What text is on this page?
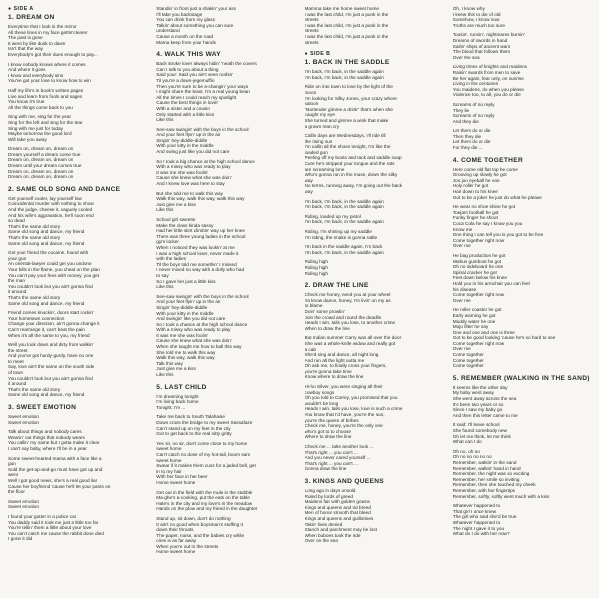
● SIDE A
1. DREAM ON
Everytime that I look in the mirror
All these lines in my face gettin'clearer
The past is gone
It went by like dusk to dawn
Isn't that the way
Everybody's got their dues enough to pay...
I know nobody knows where it comes
And where it goes
I know and everybody sins
You've got your lose to know how to win
Half my life's in book's written pages
Live and learn from fools and sages
You know it's true
All the things come back to you
Sing with me, sing for the year
Sing for the left and sing for the tear
Sing with me just for today
Maybe tomorrow the good lord
Will take you away
Dream on, dream on, dream on
Dream yourself a dream come true
Dream on, dream on, dream on
Dream until your dream comes true
Dream on, dream on, dream on
Dream on, dream on, dream on
2. SAME OLD SONG AND DANCE
Get yourself cooler, lay yourself low
Coincidental murder with nothing to show
And the judge, cheese it, vaguely cooled
And his wife's aggravation, he'll soon end
so dead
That's the same old story
Same old song and dance, my friend
That's the same old story
Same old song and dance, my friend
Got your friend the cocaine, found with
your gun
An oriental-lawyer could get you undone
Your bills in the flame, you cheat on the plan
You can't pay your fees with money, you get
the man
You couldn't look but you ain't gonna find
it around
That's the same old story
Same old song and dance, my friend
Friend comes knockin', doors start rockin'
Your hometown connection
Change your direction, ain't gonna change it
Can't rearrange it, can't beat the pain
When it's all the same to you, my friend
Well you look down and dirty from walkin'
the street
And you've got hurdy-gurdy, have no one
to meet
Say, love ain't the same on the south side
of town
You couldn't look but you ain't gonna find
it around
That's the same old story
Same old song and dance, my friend
3. SWEET EMOTION
Sweet emotion
Sweet emotion
Talk about things and nobody cares
Wearin' out things that nobody wears
You callin' my name but I gotta make it clear
I can't say baby, where I'll be in a year
Some sweet-hearted mama with a face like a
gun
Sold the get-up-and-go must have got up and
went
Well I got good news, she's a real good liar
Cause her boyfriend 'cause he'll let your pants on
the floor
Sweet emotion
Sweet emotion
I found your gutter in a police car
You daddy said it took me just a little too far
You're tellin' them a little about your love
You can't catch me cause the rabbit done died
I gone it did
Standin' in front just a shakin' your ass
I'll take you backstage
You can drink from my glass
Talkin' about something you can sure
understand
Cause a month on the road
Mama keep from your hands
4. WALK THIS WAY
Back stroke lover always hidin' 'neath the covers
Can I talk to you about a thing
Said your: Said you ain't seen nothin'
Til you're a down-jegemuffin
Then you're sure to be a-changin' your ways
I might share the least, I'm a real young bean
All the times I could reach my spotlight
Cause the best things in lovin'
With a sister and a cousin
Only started with a little kiss
Like this
See-saw swingin' with the boys in the school
And your feet flyin' up in the air
Singin' hey-diddle-diddle
With your kitty in the middle
And swing just like you did not care
So I took a big chance at the high school dance
With a missy who was ready to play
It was me she was foolin'
Cause she knew what she was doin'
And I knew love was here to stay
But she told me to walk this way
Walk this way, walk this way, walk this way
Just give me a kiss
Like this
School girl sweetie
Make the class kinda sassy
Had her little skirt climbin' way up her knee
There was three young ladies in the school
gym locker
When I noticed they was lookin' at me
I was a high school loser, never made it
with the ladies
Til the boys told me somethin' I missed
I never mixed no way with a dolly who had
to say
So I gave her just a little kiss
Like this
See-saw swingin' with the boys in the school
And your feet flyin' up in the air
Singin' hey-diddle-diddle
With your kitty in the middle
And swingin' like you did not care
So I took a chance at the high school dance
With a missy who was ready to play
It was me she was foolin'
Cause she knew what she was doin'
When she taught me how to ball this way
She told me to walk this way
Walk this way, walk this way
Talk this way
Just give me a kiss
Like this
5. LAST CHILD
I'm dreaming tonight
I'm living back home
Tonight, I'm ...
Take me back to South Talahasie
Down cross the bridge to my sweet Sassafaze
Can't stand up on my feet in the city
Got to get back to the real nitty gritty
Yes sir, no sir, don't come close to my home
sweet home
Can't catch no dose of my hot-tail, boom sam
sweet home
Swear if it makes them cuss for a jaded bell, get
in to my hair
With her face in her beer
Home sweet home
Get out in the field with the mule in the stubble
Ma-ghe's a-cooking, put the eats on the table
Hate's in the city and my love's in the meadow
Hands on the plow and my friend in the daughter
Stand up, sit down, don't do nothing
It ain't no good when boysman's stuffing it
down their throats
The paper, noise, and the babies cry while
cries is as far away
When you're out in the streets
Home sweet home
Mamma take me home sweet home
I was the last child, I'm just a punk in the
streets
I was the last child, I'm just a punk in the
streets
I was the last child, I'm just a punk in the
streets
● SIDE B
1. BACK IN THE SADDLE
I'm back, I'm back, in the saddle again
I'm back, I'm back, in the saddle again
Ride on into town to lose by the light of the
moon
I'm looking for Silky Jones, your crazy whore
saloon
"Bartender gimme a drink" that's when she
caught my eye
She turned and gimme a wink that make
a grown man cry
Callin days are Wednesdays, I'll ride till
the rising sun
I'm callin all the shoes tonight, I'm like the
loaded gun
Peeling off my boots and tack and saddle soap
Cure he's stripped your tongue and the rats
are screaming lone
Who's gonna run in the muse, down the silky
way
No terms, running away, I'm going out the back
way
I'm back, I'm back, in the saddle again
I'm back, I'm back, in the saddle again
Riding, loaded up my pistol
I'm back, I'm back, in the saddle again
Riding, I'm shining up my saddle
I'm riding, the snake is gonna rattle
I'm back in the saddle again, I'm back
I'm back, I'm back, in the saddle again
Riding high
Riding high
Riding high
2. DRAW THE LINE
Check me honey, need you at your wheel
Ya know dance, honey, I'm livin' on my as
to blame
Doin' some prowlin'
Join the crowd and round the deadlin
Heads I win, tails you lose, to another crime
When to draw the line
But Indian summer Carry was all over the door
She was a whole-knife widow and really got
a cab
She'd sing and dance, all night long
And run all the light outta me
Oh ask me, to finally cross your fingers,
you're gonna take time
Know where to draw the line
Hi-ho Silver, you were singing all their
cowboy songs
Oh you told to Carrey, you promised that you
wouldn't be long
Heads I win, tails you lose, love is such a crime
You know that I'd have, you're the sun,
you're the queen of bribes
Check me, honey, you're the only one
who's got to to choose
Where to draw the line
Check me ... take another look ...
That's right ... you can't ...
And you never cared yourself ...
That's right ... you can't ...
Gonna draw the line
3. KINGS AND QUEENS
Long ago in days unsold
Ruled by lords of greed
Maidens fair with golden gowns
Kings and queens and rid breed
Men of honor smooth that bleed
Kings and queens and guillotines
Takin' lives denied
Stanch and parchment may be lost
When buboes took the ride
Over on the sea
Oh, I know why
I knew this to die of old
Somehow, I know now
Truths are much too sure
Toosin', runnin', nightmares burnin'
Dreams of swords in hand
Sailin' ships of ancient wars
The blood that follows them
Over the sea
Living times of knights and maidens
Raisin' swords from men to save
Be her again, fear only, on sunrise
Living in the centuries
You maidens, do when you please
Violence too, to all, you do or die
Screams of no reply
They lie
Screams of no reply
And they die
Let them do or die
Then they die
Let them do or die
For they die ...
4. COME TOGETHER
Here come old flat top he come
Grooving up slowly he got
Joo joo eyeball he one
Holy roller he got
Hair down to his knee
Got to be a joker he just do what he please
He wear no shoe shine he got
Toejam football he got
Funky finger he shoot
Coca Cola he say I know you you
Know me
One thing I can tell you is you got to be free
Come together right now
Over me
He bag production he got
Walrus gumboot he got
Oh no sideboard he one
Spinal cracker he got
Feet down below his knee
Hold you in his armchair you can feel
his disease
Come together right now
Over me
He roller coaster he got
Early warning he got
Muddy water he one
Mojo filter he say
One and one and one is three
Got to be good looking 'cause he's so hard to see
Come together right now
Over me
Come together
Come together
Come together
5. REMEMBER (WALKING IN THE SAND)
It seems like the other day
My baby went away
She went away across the sea
It's been two years or so
Since I saw my baby go
And then this letter came to me
It said: I'll leave school
She found somebody new
Oh let me think, let me think
What can I do
Oh no, oh no
Oh no no no no no
Remember, walkin' in the sand
Remember, walkin' hand in hand
Remember, the night was so exciting
Remember, her smile so inviting
Remember, then she touched my cheek
Remember, with her fingertips
Remember, softly, softly went much with a kiss
Whatever happened to
That girl I once knew
The girl who said she'd be true
Whatever happened to
The night I gave it to you
What do I do with her now?
